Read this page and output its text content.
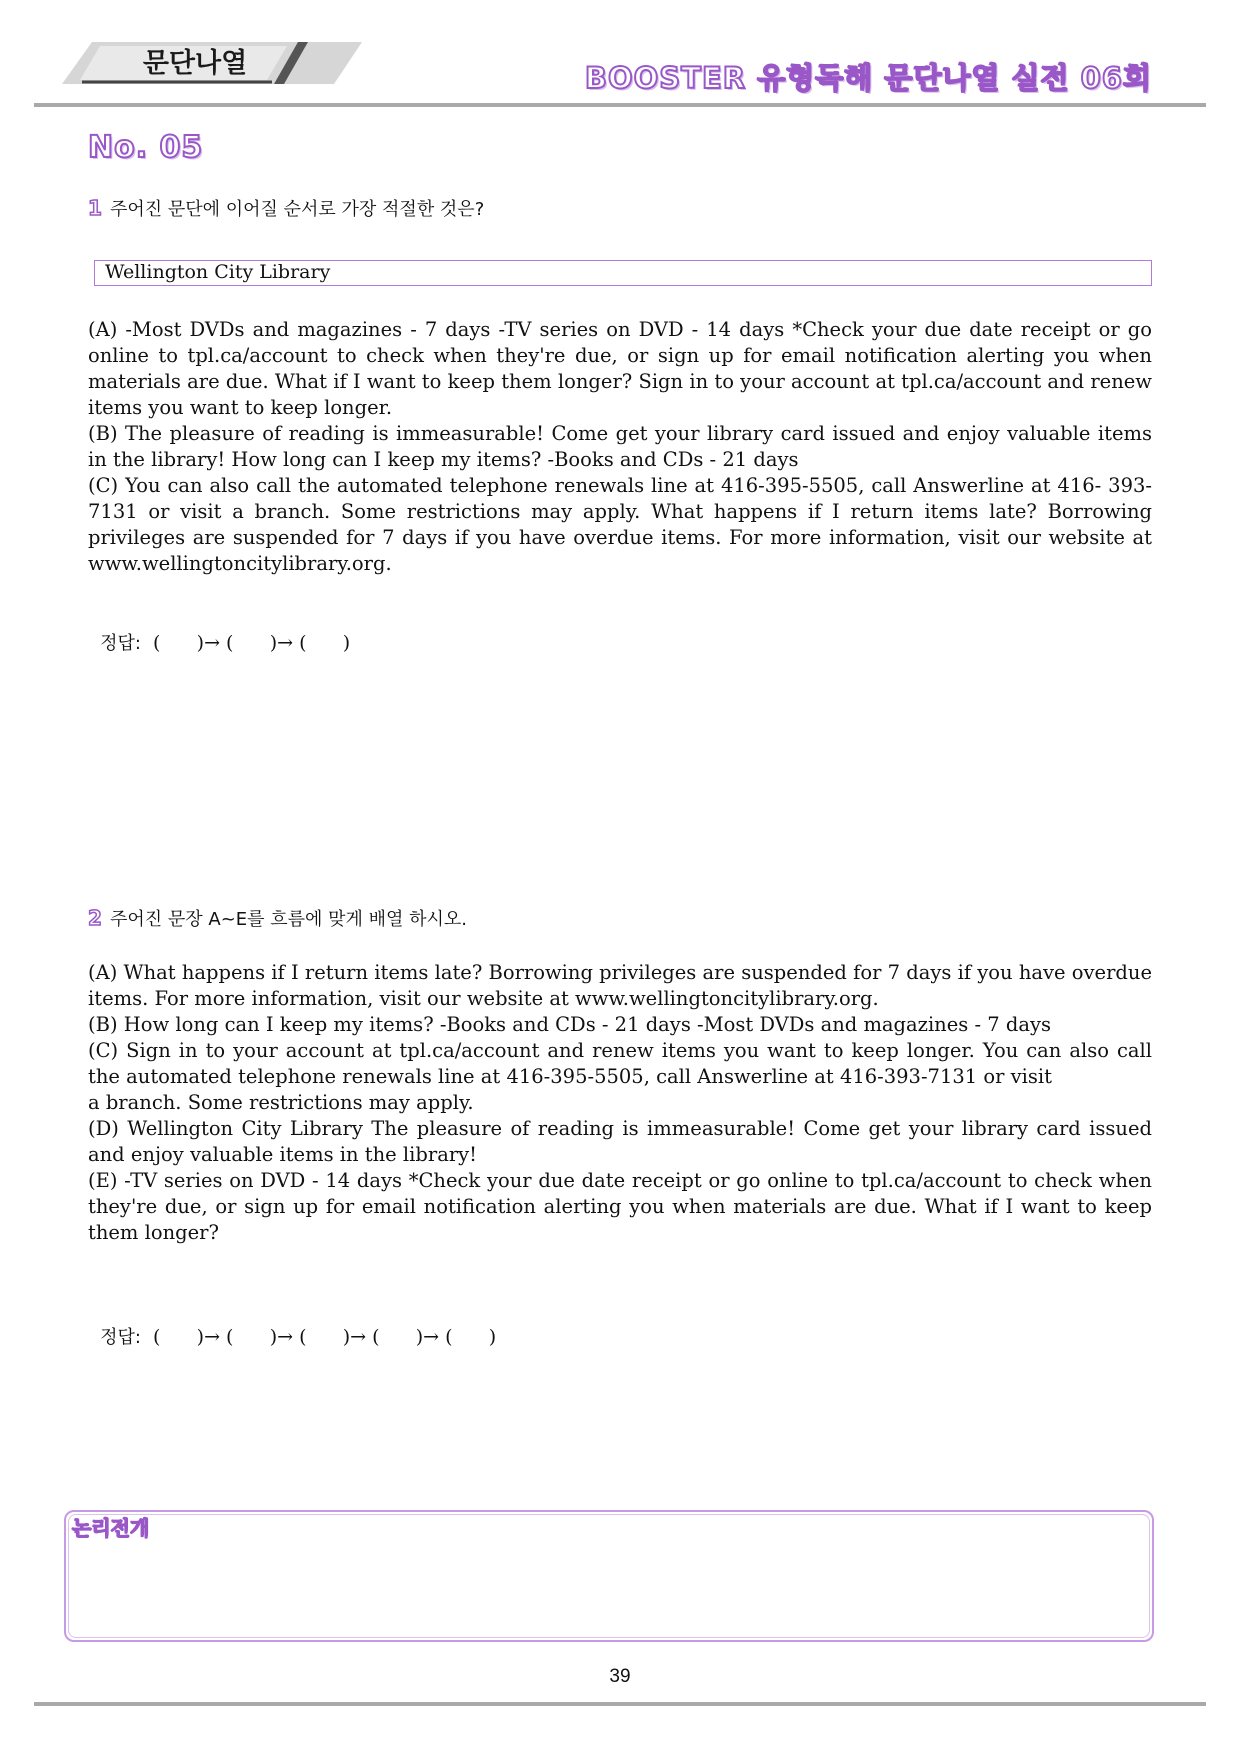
문단나열	BOOSTER 유형독해 문단나열 실전 06회
No. 05
1 주어진 문단에 이어질 순서로 가장 적절한 것은?
Wellington City Library
(A) -Most DVDs and magazines - 7 days -TV series on DVD - 14 days *Check your due date receipt or go online to tpl.ca/account to check when they're due, or sign up for email notification alerting you when materials are due. What if I want to keep them longer? Sign in to your account at tpl.ca/account and renew items you want to keep longer.
(B) The pleasure of reading is immeasurable! Come get your library card issued and enjoy valuable items in the library! How long can I keep my items? -Books and CDs - 21 days
(C) You can also call the automated telephone renewals line at 416-395-5505, call Answerline at 416- 393-7131 or visit a branch. Some restrictions may apply. What happens if I return items late? Borrowing privileges are suspended for 7 days if you have overdue items. For more information, visit our website at www.wellingtoncitylibrary.org.

정답: (      )→ (      )→ (      )

2 주어진 문장 A~E를 흐름에 맞게 배열 하시오.
(A) What happens if I return items late? Borrowing privileges are suspended for 7 days if you have overdue items. For more information, visit our website at www.wellingtoncitylibrary.org.
(B) How long can I keep my items? -Books and CDs - 21 days -Most DVDs and magazines - 7 days
(C) Sign in to your account at tpl.ca/account and renew items you want to keep longer. You can also call the automated telephone renewals line at 416-395-5505, call Answerline at 416-393-7131 or visit
a branch. Some restrictions may apply.
(D) Wellington City Library The pleasure of reading is immeasurable! Come get your library card issued and enjoy valuable items in the library!
(E) -TV series on DVD - 14 days *Check your due date receipt or go online to tpl.ca/account to check when they're due, or sign up for email notification alerting you when materials are due. What if I want to keep them longer?

정답: (      )→ (      )→ (      )→ (      )→ (      )

논리전개
39
